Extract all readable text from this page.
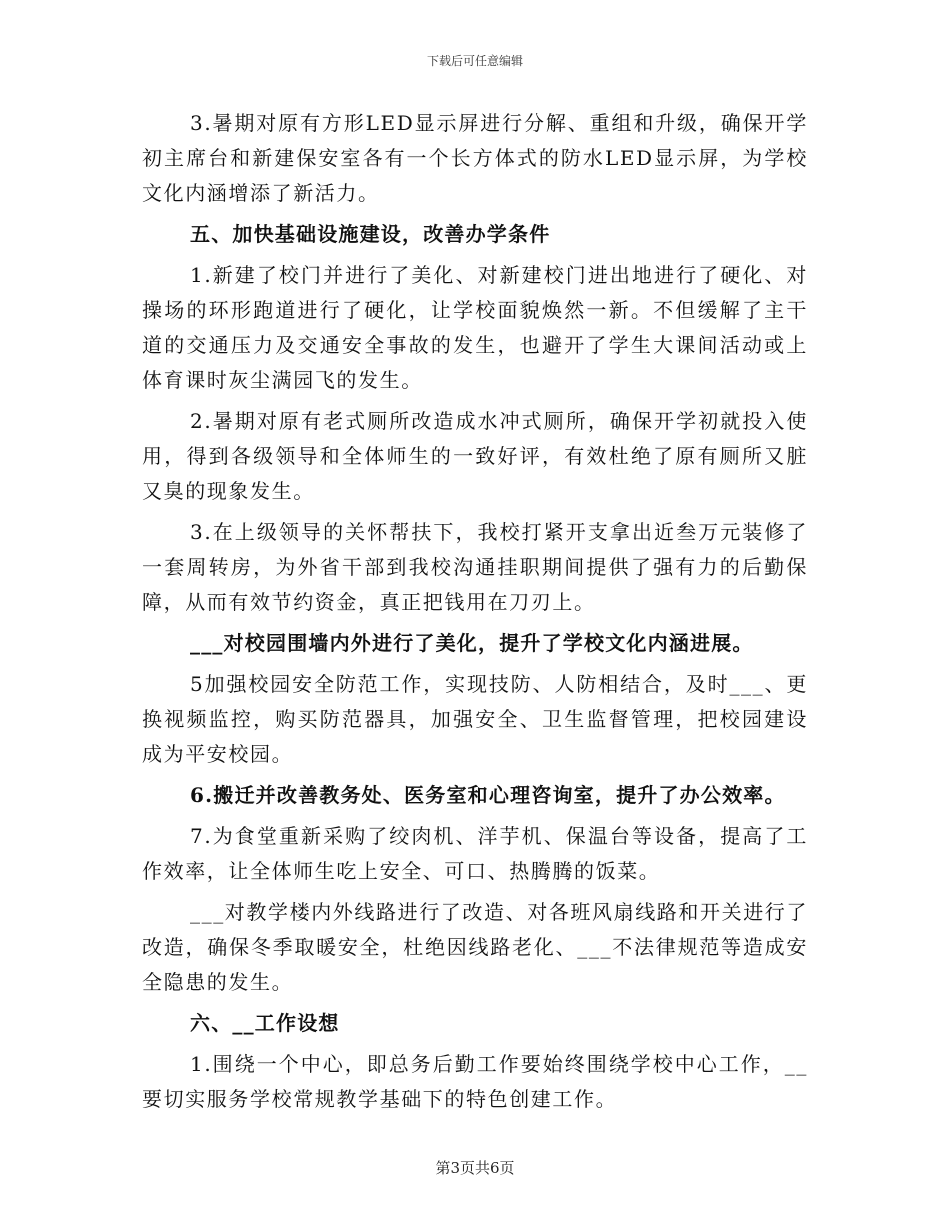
下载后可任意编辑

3.暑期对原有方形LED显示屏进行分解、重组和升级，确保开学初主席台和新建保安室各有一个长方体式的防水LED显示屏，为学校文化内涵增添了新活力。

五、加快基础设施建设，改善办学条件

1.新建了校门并进行了美化、对新建校门进出地进行了硬化、对操场的环形跑道进行了硬化，让学校面貌焕然一新。不但缓解了主干道的交通压力及交通安全事故的发生，也避开了学生大课间活动或上体育课时灰尘满园飞的发生。

2.暑期对原有老式厕所改造成水冲式厕所，确保开学初就投入使用，得到各级领导和全体师生的一致好评，有效杜绝了原有厕所又脏又臭的现象发生。

3.在上级领导的关怀帮扶下，我校打紧开支拿出近叁万元装修了一套周转房，为外省干部到我校沟通挂职期间提供了强有力的后勤保障，从而有效节约资金，真正把钱用在刀刃上。

___对校园围墙内外进行了美化，提升了学校文化内涵进展。

5加强校园安全防范工作，实现技防、人防相结合，及时___、更换视频监控，购买防范器具，加强安全、卫生监督管理，把校园建设成为平安校园。

6.搬迁并改善教务处、医务室和心理咨询室，提升了办公效率。

7.为食堂重新采购了绞肉机、洋芋机、保温台等设备，提高了工作效率，让全体师生吃上安全、可口、热腾腾的饭菜。

___对教学楼内外线路进行了改造、对各班风扇线路和开关进行了改造，确保冬季取暖安全，杜绝因线路老化、___不法律规范等造成安全隐患的发生。

六、__工作设想

1.围绕一个中心，即总务后勤工作要始终围绕学校中心工作，__要切实服务学校常规教学基础下的特色创建工作。

第3页共6页
